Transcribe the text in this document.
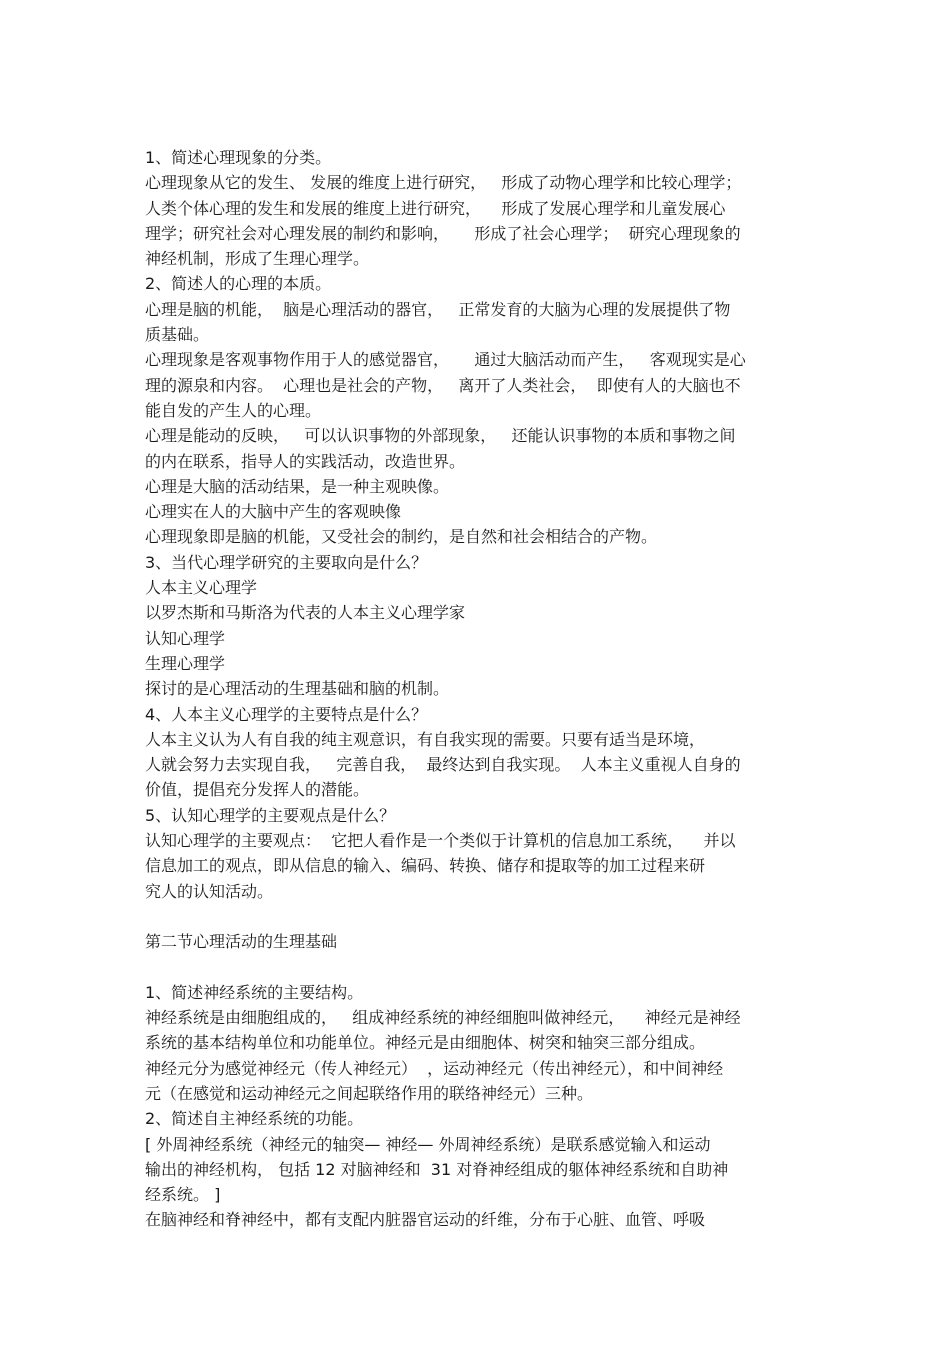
1、简述心理现象的分类。
心理现象从它的发生、 发展的维度上进行研究，   形成了动物心理学和比较心理学；
人类个体心理的发生和发展的维度上进行研究，    形成了发展心理学和儿童发展心
理学；研究社会对心理发展的制约和影响，     形成了社会心理学；  研究心理现象的
神经机制，形成了生理心理学。
2、简述人的心理的本质。
心理是脑的机能，  脑是心理活动的器官，   正常发育的大脑为心理的发展提供了物
质基础。
心理现象是客观事物作用于人的感觉器官，     通过大脑活动而产生，   客观现实是心
理的源泉和内容。  心理也是社会的产物，   离开了人类社会，  即使有人的大脑也不
能自发的产生人的心理。
心理是能动的反映，   可以认识事物的外部现象，   还能认识事物的本质和事物之间
的内在联系，指导人的实践活动，改造世界。
心理是大脑的活动结果，是一种主观映像。
心理实在人的大脑中产生的客观映像
心理现象即是脑的机能，又受社会的制约，是自然和社会相结合的产物。
3、当代心理学研究的主要取向是什么？
人本主义心理学
以罗杰斯和马斯洛为代表的人本主义心理学家
认知心理学
生理心理学
探讨的是心理活动的生理基础和脑的机制。
4、人本主义心理学的主要特点是什么？
人本主义认为人有自我的纯主观意识，有自我实现的需要。只要有适当是环境，
人就会努力去实现自我，   完善自我，  最终达到自我实现。  人本主义重视人自身的
价值，提倡充分发挥人的潜能。
5、认知心理学的主要观点是什么？
认知心理学的主要观点：  它把人看作是一个类似于计算机的信息加工系统，    并以
信息加工的观点，即从信息的输入、编码、转换、储存和提取等的加工过程来研
究人的认知活动。
第二节心理活动的生理基础
1、简述神经系统的主要结构。
神经系统是由细胞组成的，   组成神经系统的神经细胞叫做神经元，    神经元是神经
系统的基本结构单位和功能单位。神经元是由细胞体、树突和轴突三部分组成。
神经元分为感觉神经元（传人神经元）  ，运动神经元（传出神经元），和中间神经
元（在感觉和运动神经元之间起联络作用的联络神经元）三种。
2、简述自主神经系统的功能。
[ 外周神经系统（神经元的轴突— 神经— 外周神经系统）是联系感觉输入和运动
输出的神经机构， 包括 12 对脑神经和  31 对脊神经组成的躯体神经系统和自助神
经系统。 ]
在脑神经和脊神经中，都有支配内脏器官运动的纤维，分布于心脏、血管、呼吸
